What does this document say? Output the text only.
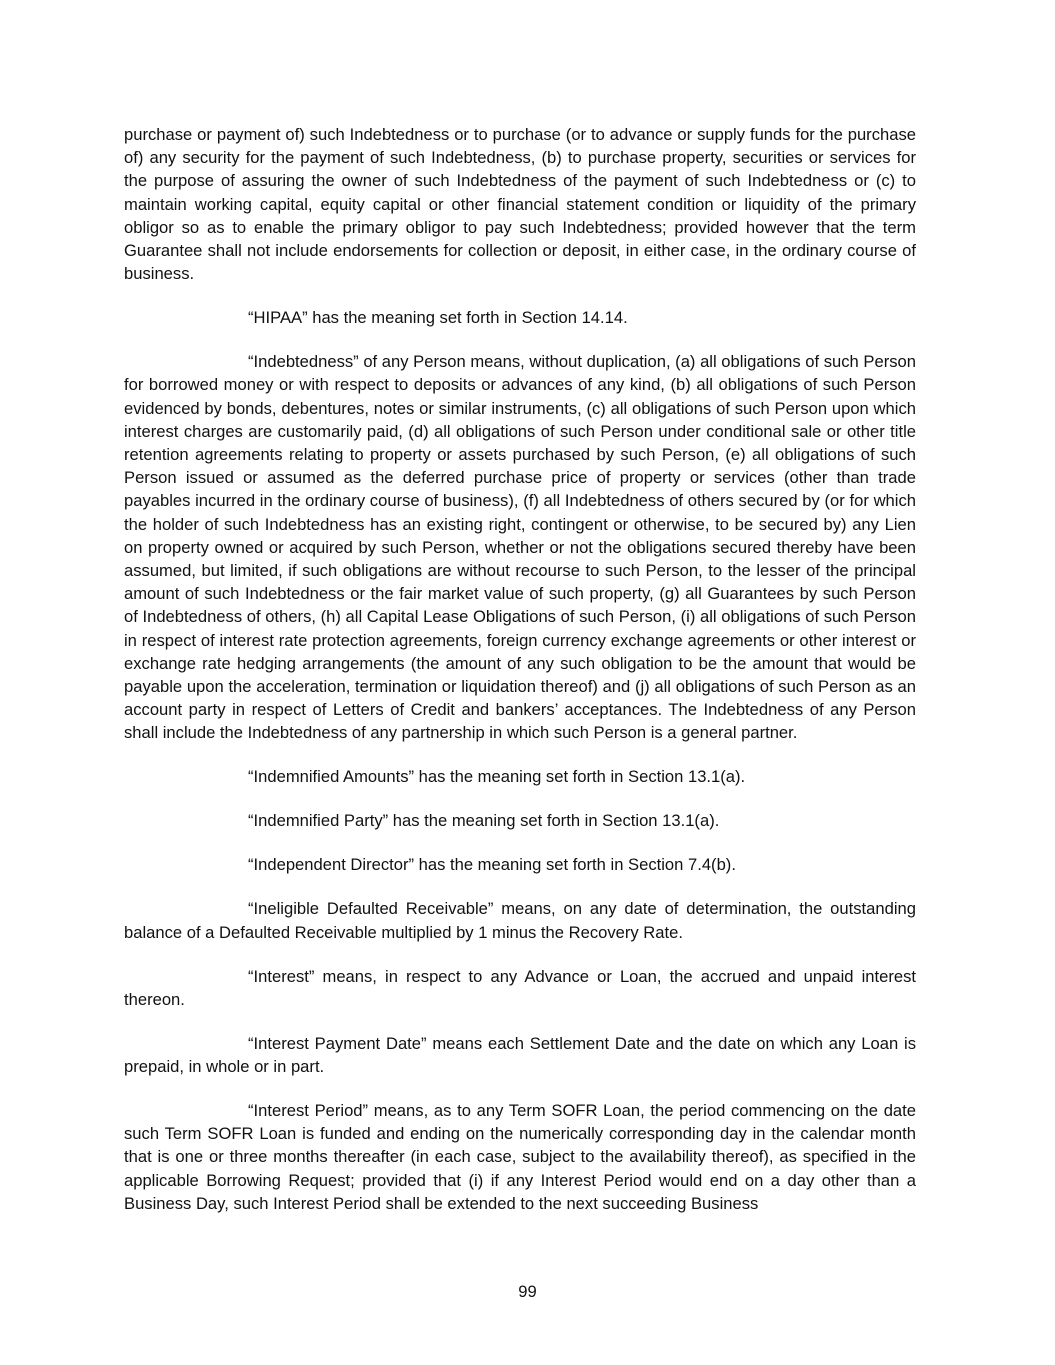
purchase or payment of) such Indebtedness or to purchase (or to advance or supply funds for the purchase of) any security for the payment of such Indebtedness, (b) to purchase property, securities or services for the purpose of assuring the owner of such Indebtedness of the payment of such Indebtedness or (c) to maintain working capital, equity capital or other financial statement condition or liquidity of the primary obligor so as to enable the primary obligor to pay such Indebtedness; provided however that the term Guarantee shall not include endorsements for collection or deposit, in either case, in the ordinary course of business.

“HIPAA” has the meaning set forth in Section 14.14.

“Indebtedness” of any Person means, without duplication, (a) all obligations of such Person for borrowed money or with respect to deposits or advances of any kind, (b) all obligations of such Person evidenced by bonds, debentures, notes or similar instruments, (c) all obligations of such Person upon which interest charges are customarily paid, (d) all obligations of such Person under conditional sale or other title retention agreements relating to property or assets purchased by such Person, (e) all obligations of such Person issued or assumed as the deferred purchase price of property or services (other than trade payables incurred in the ordinary course of business), (f) all Indebtedness of others secured by (or for which the holder of such Indebtedness has an existing right, contingent or otherwise, to be secured by) any Lien on property owned or acquired by such Person, whether or not the obligations secured thereby have been assumed, but limited, if such obligations are without recourse to such Person, to the lesser of the principal amount of such Indebtedness or the fair market value of such property, (g) all Guarantees by such Person of Indebtedness of others, (h) all Capital Lease Obligations of such Person, (i) all obligations of such Person in respect of interest rate protection agreements, foreign currency exchange agreements or other interest or exchange rate hedging arrangements (the amount of any such obligation to be the amount that would be payable upon the acceleration, termination or liquidation thereof) and (j) all obligations of such Person as an account party in respect of Letters of Credit and bankers’ acceptances. The Indebtedness of any Person shall include the Indebtedness of any partnership in which such Person is a general partner.

“Indemnified Amounts” has the meaning set forth in Section 13.1(a).

“Indemnified Party” has the meaning set forth in Section 13.1(a).

“Independent Director” has the meaning set forth in Section 7.4(b).

“Ineligible Defaulted Receivable” means, on any date of determination, the outstanding balance of a Defaulted Receivable multiplied by 1 minus the Recovery Rate.

“Interest” means, in respect to any Advance or Loan, the accrued and unpaid interest thereon.

“Interest Payment Date” means each Settlement Date and the date on which any Loan is prepaid, in whole or in part.

“Interest Period” means, as to any Term SOFR Loan, the period commencing on the date such Term SOFR Loan is funded and ending on the numerically corresponding day in the calendar month that is one or three months thereafter (in each case, subject to the availability thereof), as specified in the applicable Borrowing Request; provided that (i) if any Interest Period would end on a day other than a Business Day, such Interest Period shall be extended to the next succeeding Business

99
